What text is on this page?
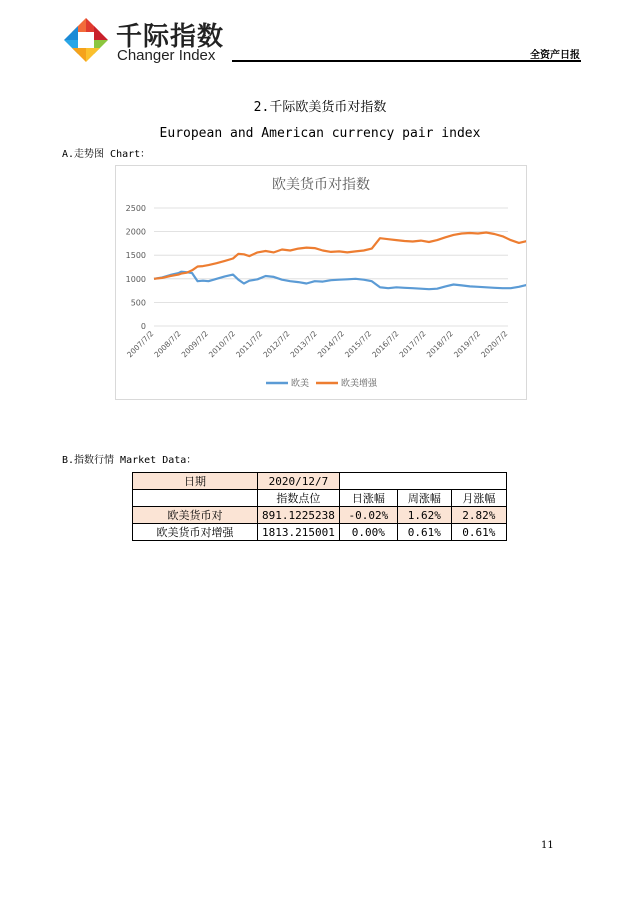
千际指数
Changer Index	全资产日报
2.千际欧美货币对指数
European and American currency pair index
A.走势图 Chart：
欧美货币对指数
0
500
1000
1500
2000
2500
2007/7/2
2008/7/2
2009/7/2
2010/7/2
2011/7/2
2012/7/2
2013/7/2
2014/7/2
2015/7/2
2016/7/2
2017/7/2
2018/7/2
2019/7/2
2020/7/2
欧美	欧美增强
B.指数行情 Market Data：
日期	2020/12/7			
	指数点位	日涨幅	周涨幅	月涨幅
欧美货币对	891.1225238	-0.02%	1.62%	2.82%
欧美货币对增强	1813.215001	0.00%	0.61%	0.61%
11
